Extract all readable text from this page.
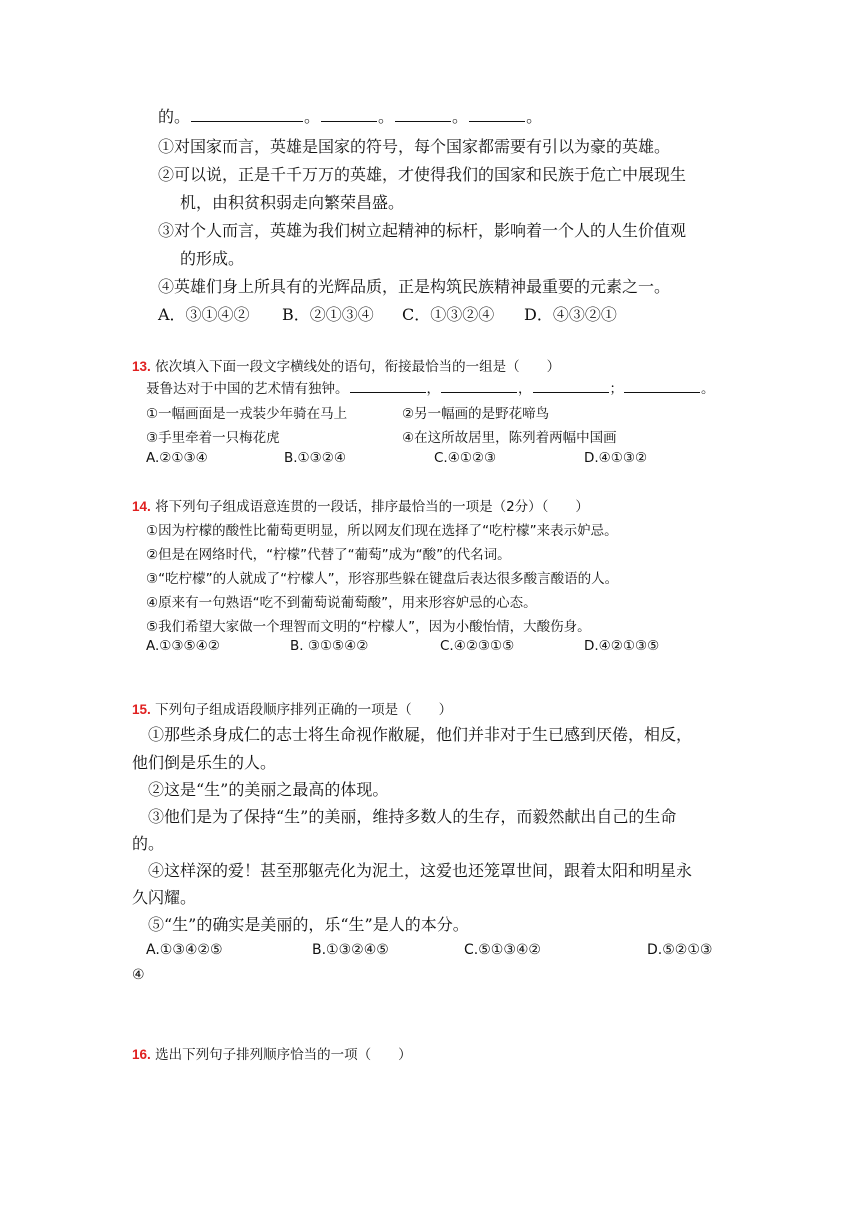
的。	。	。	。	。
①对国家而言，英雄是国家的符号，每个国家都需要有引以为豪的英雄。
②可以说，正是千千万万的英雄，才使得我们的国家和民族于危亡中展现生
机，由积贫积弱走向繁荣昌盛。
③对个人而言，英雄为我们树立起精神的标杆，影响着一个人的人生价值观
的形成。
④英雄们身上所具有的光辉品质，正是构筑民族精神最重要的元素之一。
A．③①④② B．②①③④ C．①③②④ D．④③②①
13. 依次填入下面一段文字横线处的语句，衔接最恰当的一组是（　　）
聂鲁达对于中国的艺术情有独钟。	，	，	；	。
①一幅画面是一戎装少年骑在马上	②另一幅画的是野花啼鸟
③手里牵着一只梅花虎	④在这所故居里，陈列着两幅中国画
A.②①③④	B.①③②④	C.④①②③	D.④①③②
14. 将下列句子组成语意连贯的一段话，排序最恰当的一项是（2分）（　　）
①因为柠檬的酸性比葡萄更明显，所以网友们现在选择了“吃柠檬”来表示妒忌。
②但是在网络时代，“柠檬”代替了“葡萄”成为“酸”的代名词。
③“吃柠檬”的人就成了“柠檬人”，形容那些躲在键盘后表达很多酸言酸语的人。
④原来有一句熟语“吃不到葡萄说葡萄酸”，用来形容妒忌的心态。
⑤我们希望大家做一个理智而文明的“柠檬人”，因为小酸怡情，大酸伤身。
A.①③⑤④②	B. ③①⑤④②	C.④②③①⑤	D.④②①③⑤
15. 下列句子组成语段顺序排列正确的一项是（　　）
①那些杀身成仁的志士将生命视作敝屣，他们并非对于生已感到厌倦，相反，
他们倒是乐生的人。
②这是“生”的美丽之最高的体现。
③他们是为了保持“生”的美丽，维持多数人的生存，而毅然献出自己的生命
的。
④这样深的爱！甚至那躯壳化为泥土，这爱也还笼罩世间，跟着太阳和明星永
久闪耀。
⑤“生”的确实是美丽的，乐“生”是人的本分。
A.①③④②⑤	B.①③②④⑤	C.⑤①③④②	D.⑤②①③
④
16. 选出下列句子排列顺序恰当的一项（　　）
